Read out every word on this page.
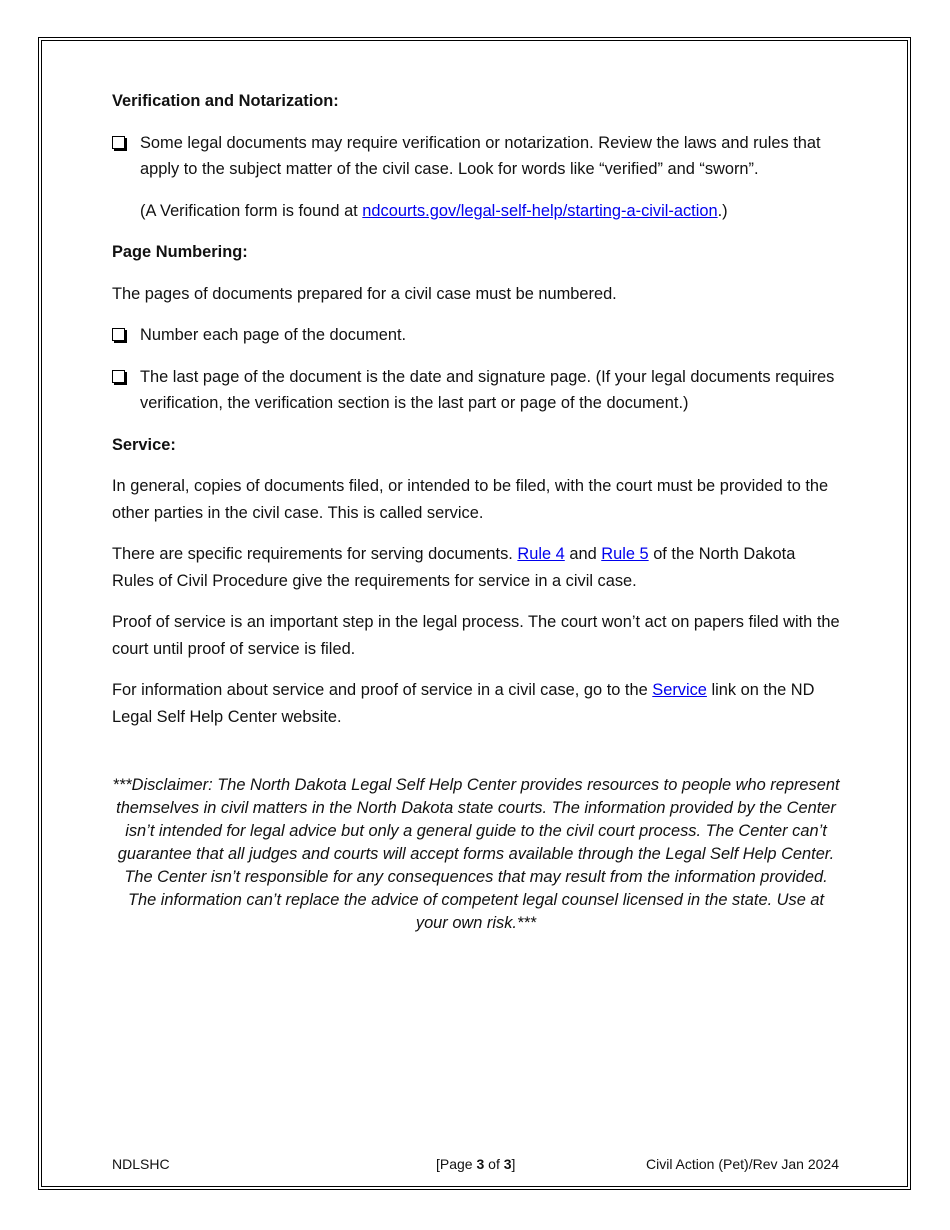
Verification and Notarization:
Some legal documents may require verification or notarization. Review the laws and rules that apply to the subject matter of the civil case. Look for words like “verified” and “sworn”.
(A Verification form is found at ndcourts.gov/legal-self-help/starting-a-civil-action.)
Page Numbering:
The pages of documents prepared for a civil case must be numbered.
Number each page of the document.
The last page of the document is the date and signature page. (If your legal documents requires verification, the verification section is the last part or page of the document.)
Service:
In general, copies of documents filed, or intended to be filed, with the court must be provided to the other parties in the civil case. This is called service.
There are specific requirements for serving documents. Rule 4 and Rule 5 of the North Dakota Rules of Civil Procedure give the requirements for service in a civil case.
Proof of service is an important step in the legal process. The court won’t act on papers filed with the court until proof of service is filed.
For information about service and proof of service in a civil case, go to the Service link on the ND Legal Self Help Center website.
***Disclaimer: The North Dakota Legal Self Help Center provides resources to people who represent themselves in civil matters in the North Dakota state courts. The information provided by the Center isn’t intended for legal advice but only a general guide to the civil court process. The Center can’t guarantee that all judges and courts will accept forms available through the Legal Self Help Center. The Center isn’t responsible for any consequences that may result from the information provided. The information can’t replace the advice of competent legal counsel licensed in the state. Use at your own risk.***
NDLSHC	[Page 3 of 3]	Civil Action (Pet)/Rev Jan 2024
